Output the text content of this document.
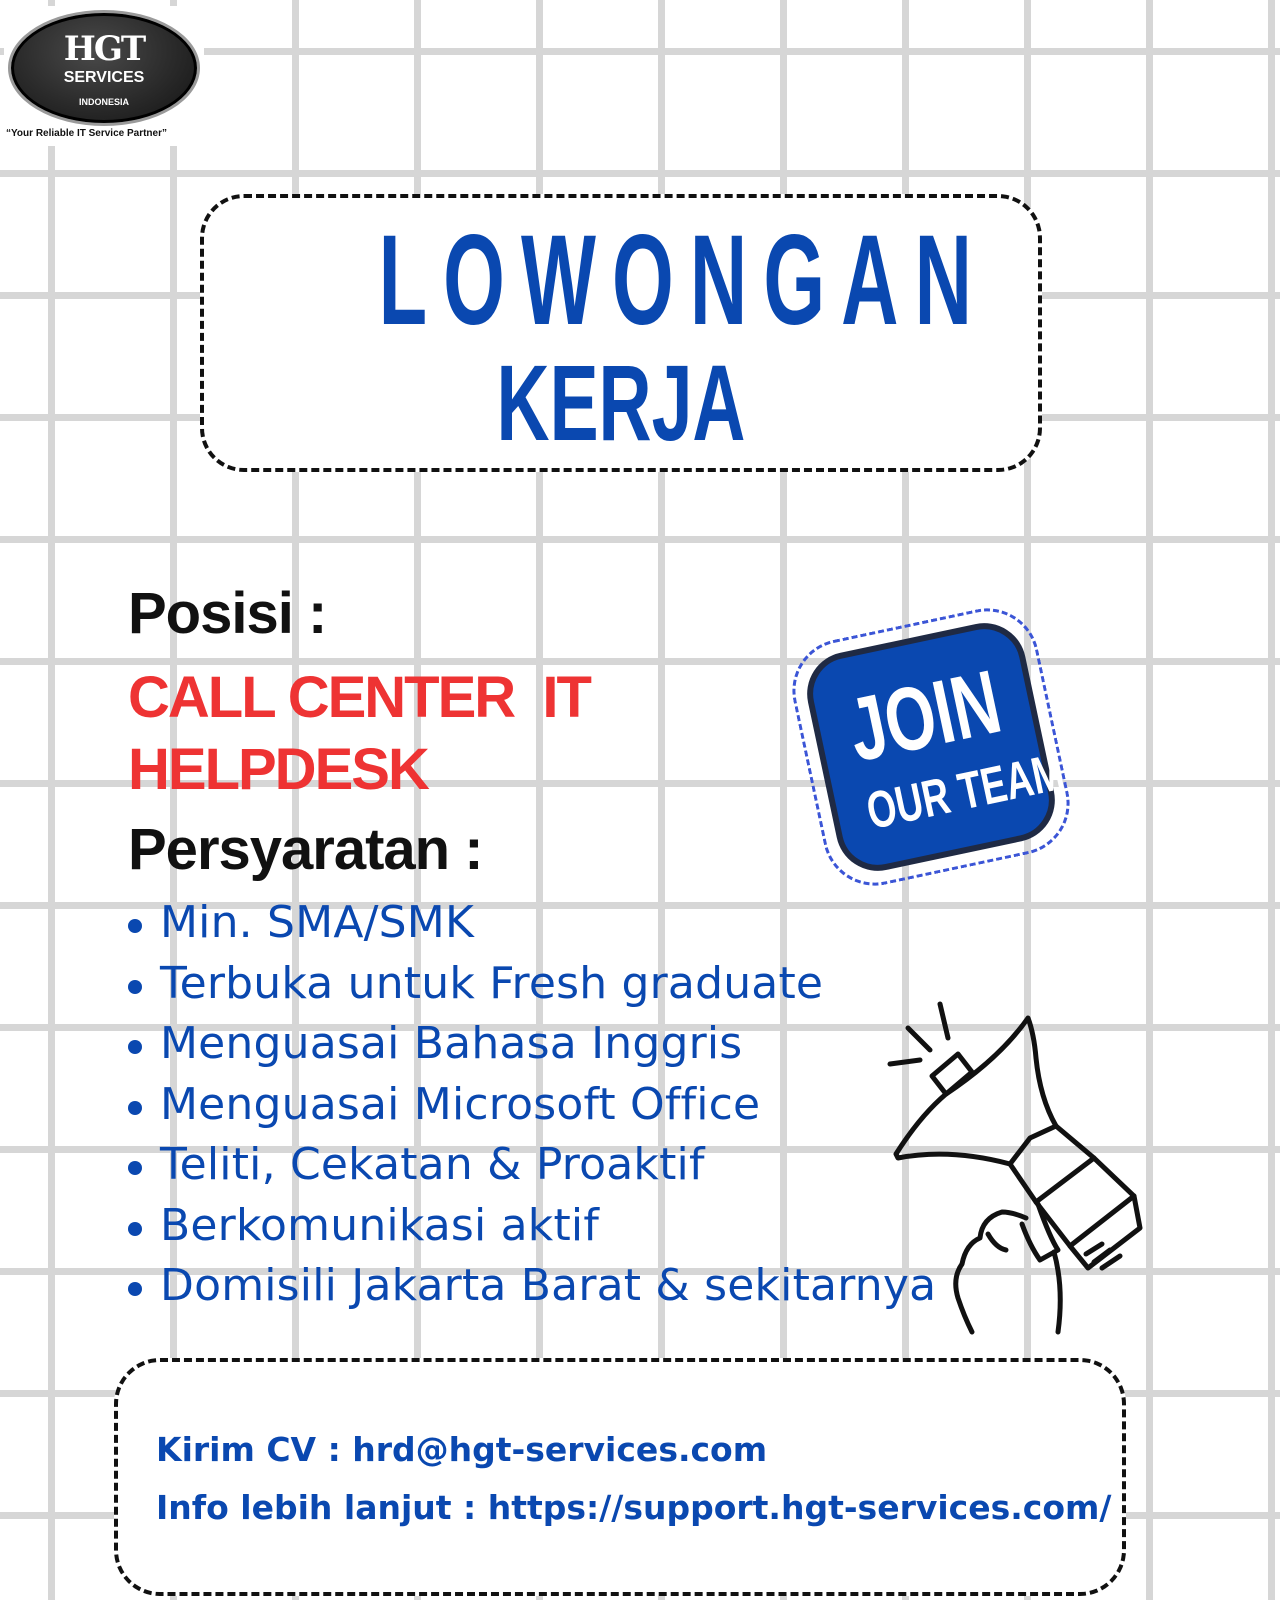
HGT
SERVICES
INDONESIA
“Your Reliable IT Service Partner”
LOWONGAN
KERJA
Posisi :
CALL CENTER  IT
HELPDESK	JOIN
OUR TEAM
Persyaratan :
Min. SMA/SMK
Terbuka untuk Fresh graduate
Menguasai Bahasa Inggris
Menguasai Microsoft Office
Teliti, Cekatan & Proaktif
Berkomunikasi aktif
Domisili Jakarta Barat & sekitarnya
Kirim CV : hrd@hgt-services.com
Info lebih lanjut : https://support.hgt-services.com/
